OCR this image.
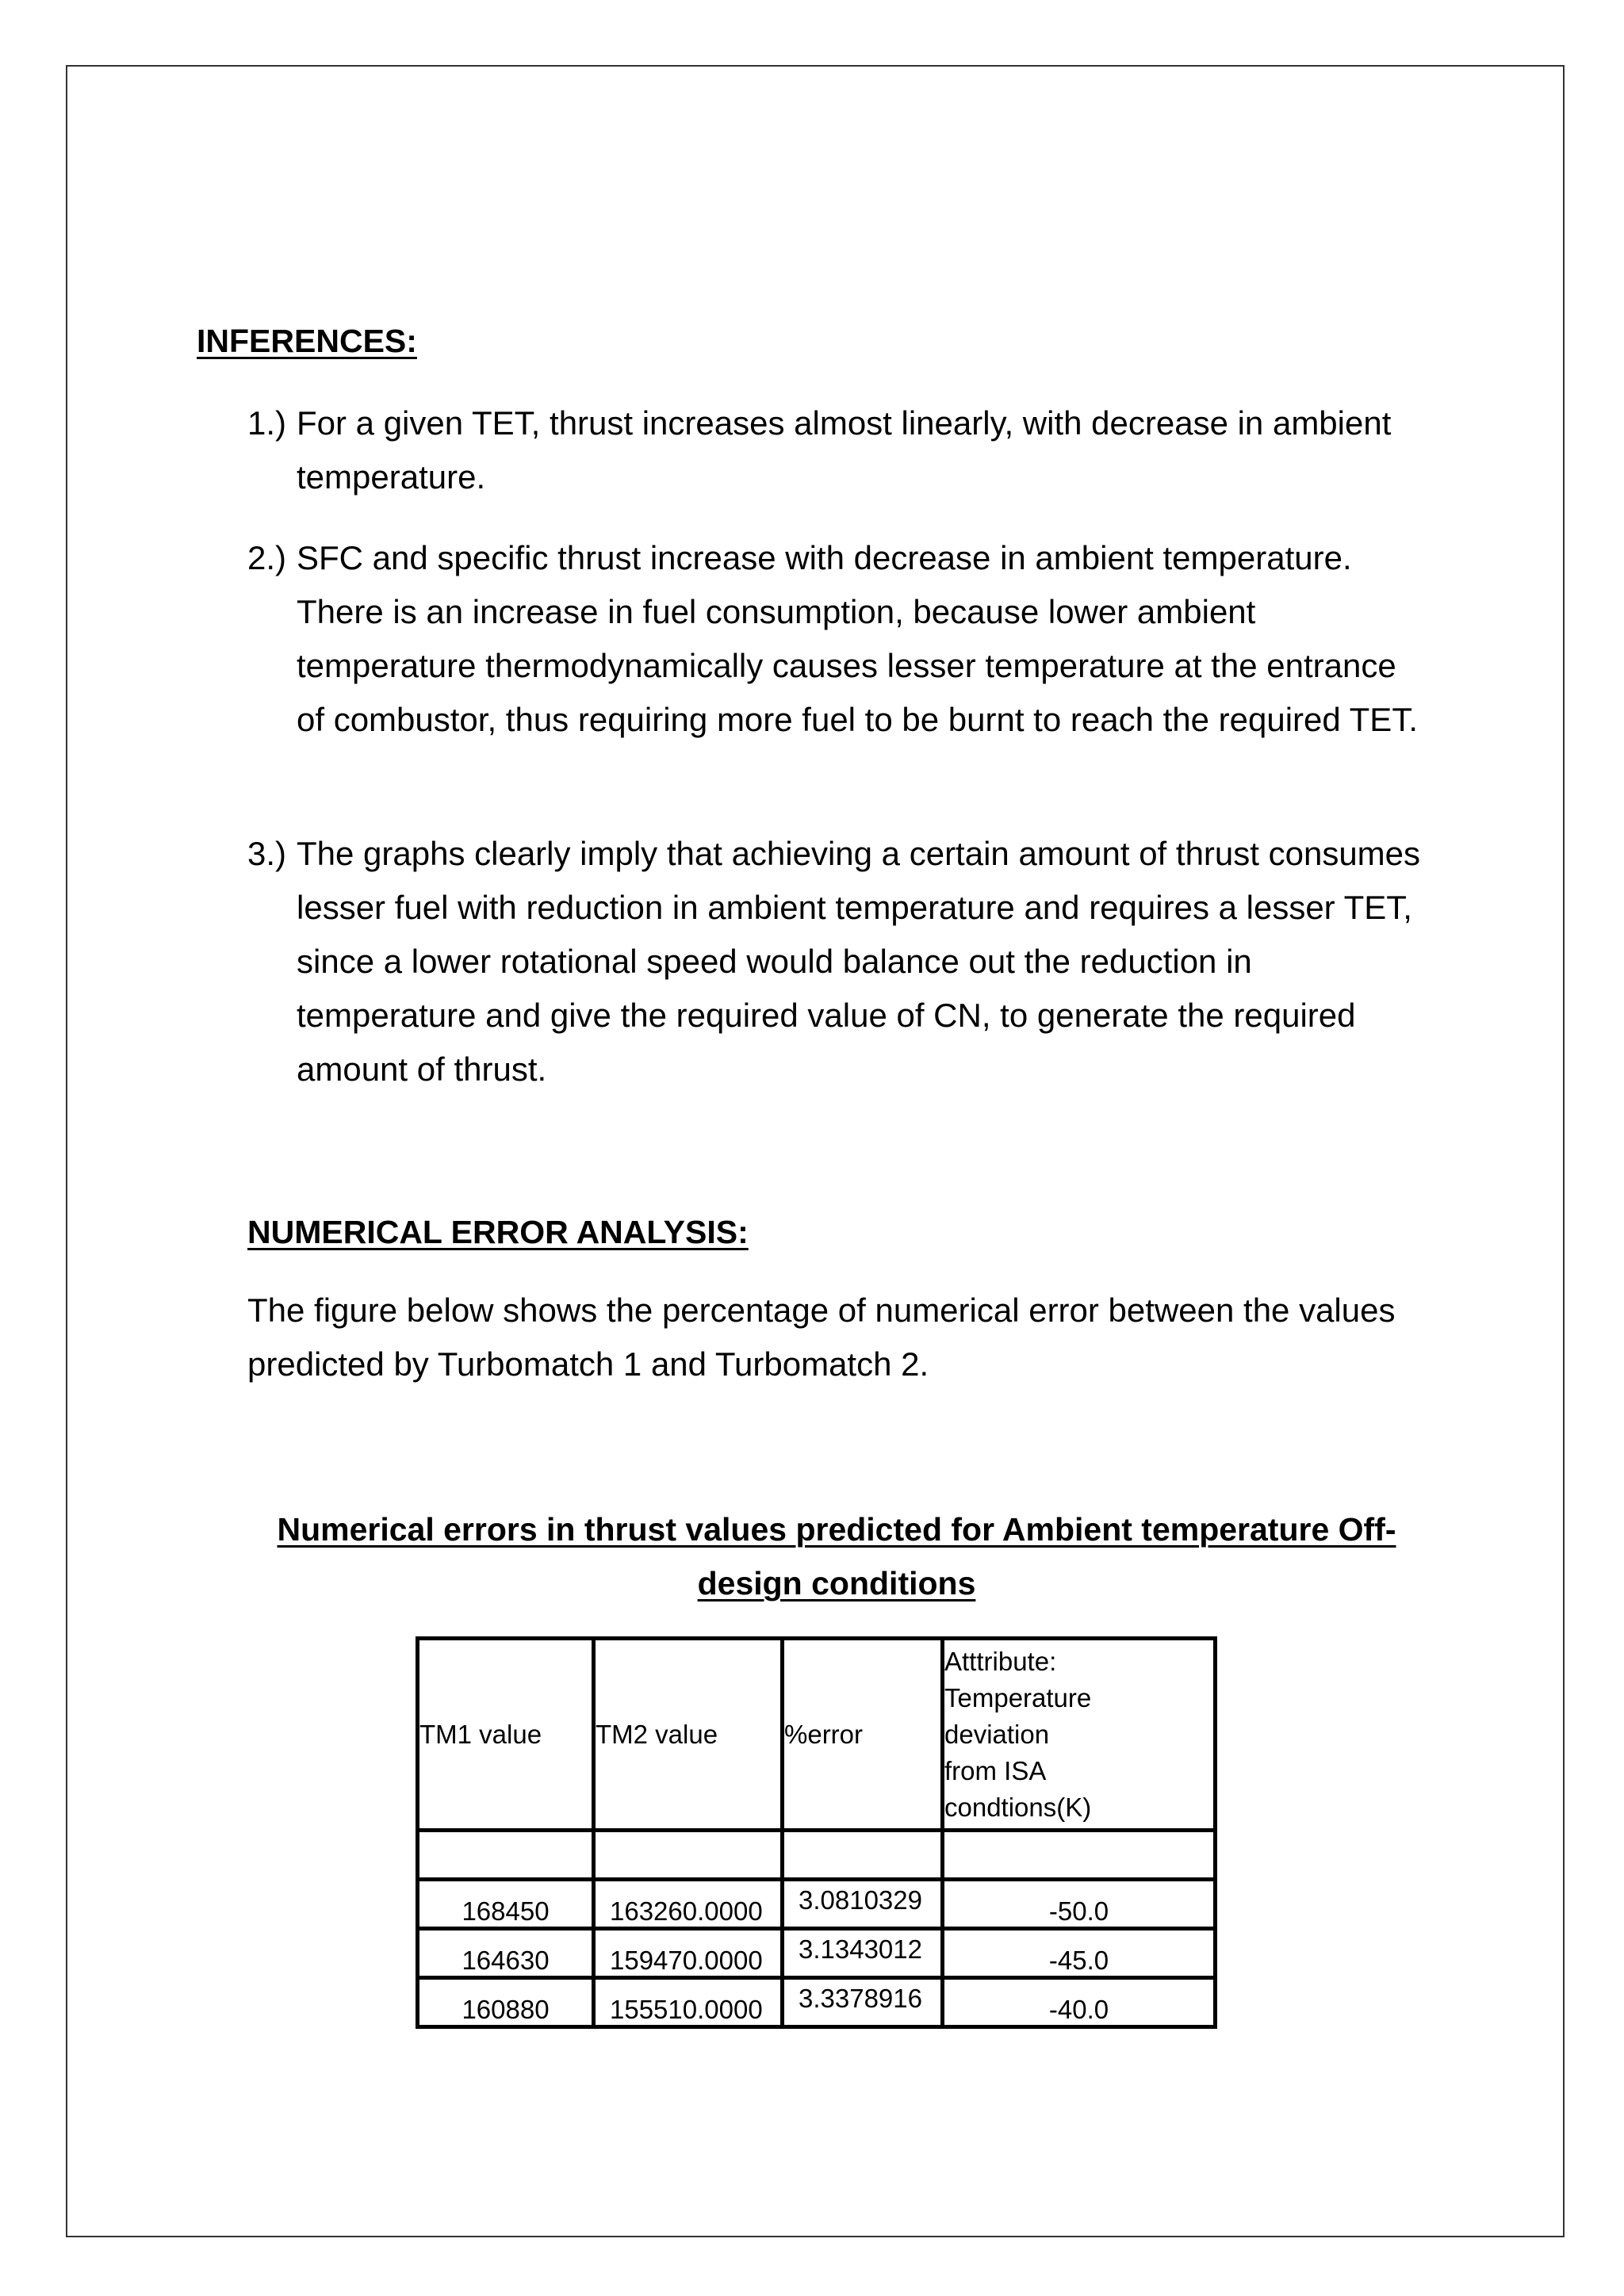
INFERENCES:
1.) For a given TET, thrust increases almost linearly, with decrease in ambient temperature.
2.) SFC and specific thrust increase with decrease in ambient temperature. There is an increase in fuel consumption, because lower ambient temperature thermodynamically causes lesser temperature at the entrance of combustor, thus requiring more fuel to be burnt to reach the required TET.
3.) The graphs clearly imply that achieving a certain amount of thrust consumes lesser fuel with reduction in ambient temperature and requires a lesser TET, since a lower rotational speed would balance out the reduction in temperature and give the required value of CN, to generate the required amount of thrust.
NUMERICAL ERROR ANALYSIS:

The figure below shows the percentage of numerical error between the values predicted by Turbomatch 1 and Turbomatch 2.

Numerical errors in thrust values predicted for Ambient temperature Off-design conditions

TM1 value	TM2 value	%error	Atttribute:
Temperature
deviation
from ISA
condtions(K)

168450	163260.0000	3.0810329	-50.0
164630	159470.0000	3.1343012	-45.0
160880	155510.0000	3.3378916	-40.0
